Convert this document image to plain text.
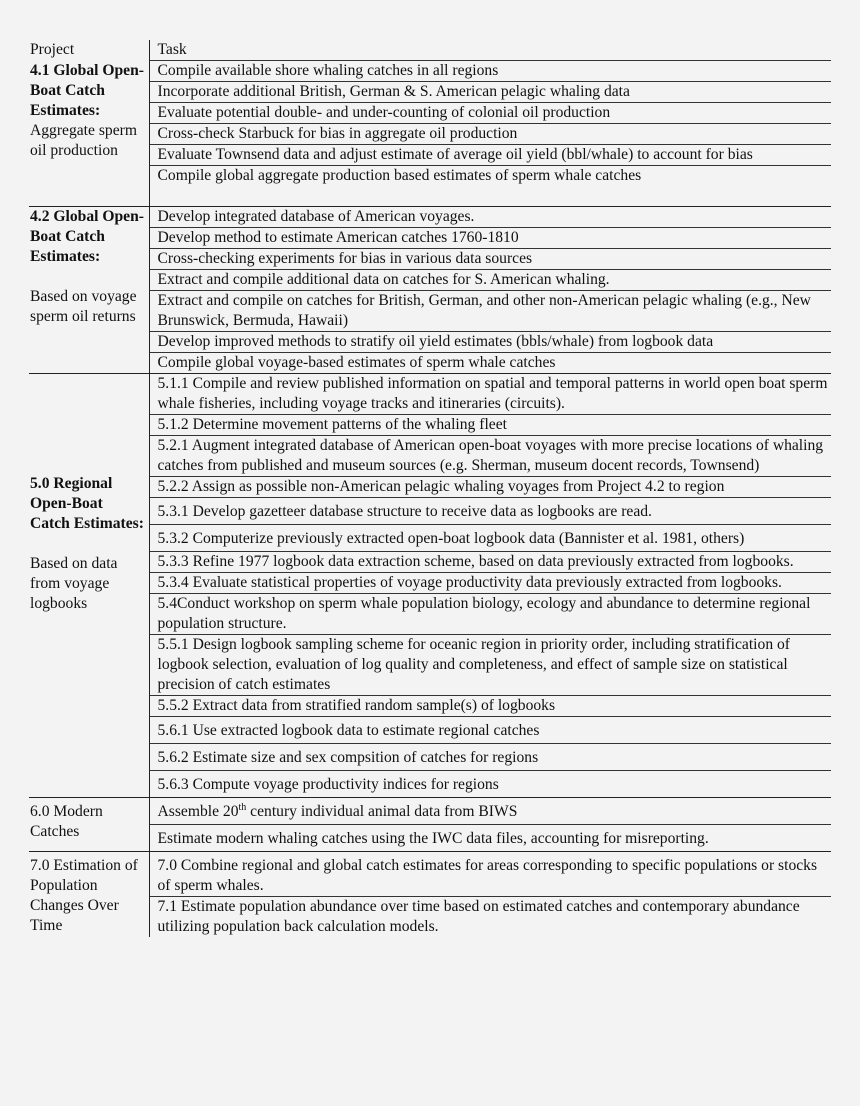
Project	Task
4.1 Global Open-Boat Catch Estimates:
Aggregate sperm oil production	Compile available shore whaling catches in all regions
	Incorporate additional British, German & S. American pelagic whaling data
	Evaluate potential double- and under-counting of colonial oil production
	Cross-check Starbuck for bias in aggregate oil production
	Evaluate Townsend data and adjust estimate of average oil yield (bbl/whale) to account for bias
	Compile global aggregate production based estimates of sperm whale catches
4.2 Global Open-Boat Catch Estimates:
Based on voyage sperm oil returns	Develop integrated database of American voyages.
	Develop method to estimate American catches 1760-1810
	Cross-checking experiments for bias in various data sources
	Extract and compile additional data on catches for S. American whaling.
	Extract and compile on catches for British, German, and other non-American pelagic whaling (e.g., New Brunswick, Bermuda, Hawaii)
	Develop improved methods to stratify oil yield estimates (bbls/whale) from logbook data
	Compile global voyage-based estimates of sperm whale catches
5.0 Regional Open-Boat Catch Estimates:
Based on data from voyage logbooks	5.1.1 Compile and review published information on spatial and temporal patterns in world open boat sperm whale fisheries, including voyage tracks and itineraries (circuits).
	5.1.2 Determine movement patterns of the whaling fleet
	5.2.1 Augment integrated database of American open-boat voyages with more precise locations of whaling catches from published and museum sources (e.g. Sherman, museum docent records, Townsend)
	5.2.2 Assign as possible non-American pelagic whaling voyages from Project 4.2 to region
	5.3.1 Develop gazetteer database structure to receive data as logbooks are read.
	5.3.2 Computerize previously extracted open-boat logbook data (Bannister et al. 1981, others)
	5.3.3 Refine 1977 logbook data extraction scheme, based on data previously extracted from logbooks.
	5.3.4 Evaluate statistical properties of voyage productivity data previously extracted from logbooks.
	5.4Conduct workshop on sperm whale population biology, ecology and abundance to determine regional population structure.
	5.5.1 Design logbook sampling scheme for oceanic region in priority order, including stratification of logbook selection, evaluation of log quality and completeness, and effect of sample size on statistical precision of catch estimates
	5.5.2 Extract data from stratified random sample(s) of logbooks
	5.6.1 Use extracted logbook data to estimate regional catches
	5.6.2 Estimate size and sex compsition of catches for regions
	5.6.3 Compute voyage productivity indices for regions
6.0 Modern Catches	Assemble 20th century individual animal data from BIWS
	Estimate modern whaling catches using the IWC data files, accounting for misreporting.
7.0 Estimation of Population Changes Over Time	7.0 Combine regional and global catch estimates for areas corresponding to specific populations or stocks of sperm whales.
	7.1 Estimate population abundance over time based on estimated catches and contemporary abundance utilizing population back calculation models.
